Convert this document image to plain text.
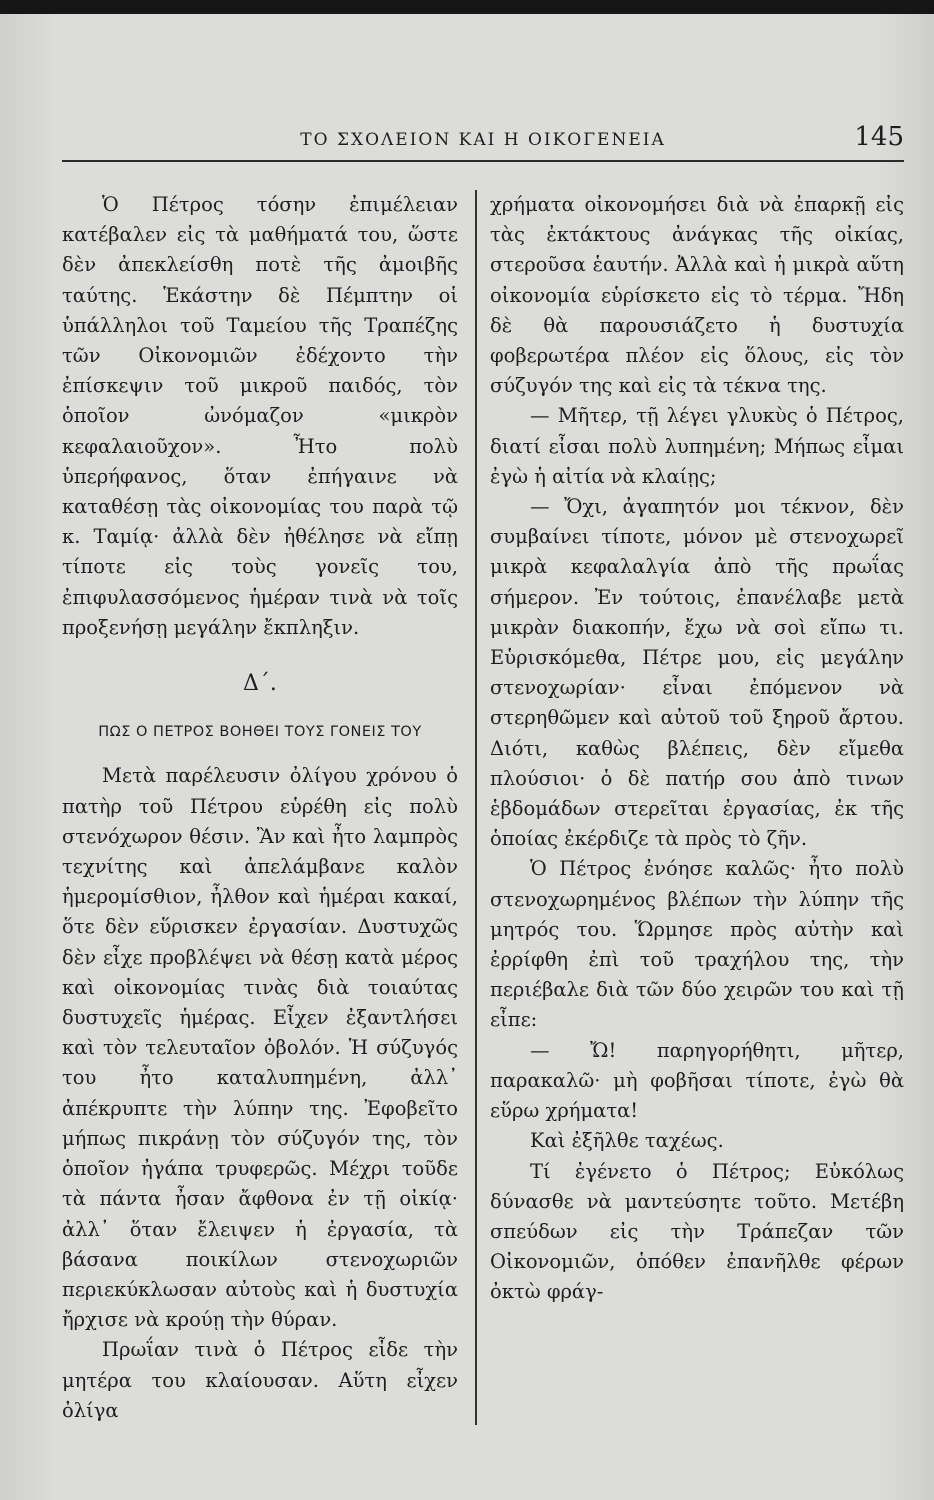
ΤΟ ΣΧΟΛΕΙΟΝ ΚΑΙ Η ΟΙΚΟΓΕΝΕΙΑ	145

Ὁ Πέτρος τόσην ἐπιμέλειαν κατέβαλεν εἰς τὰ μαθήματά του, ὥστε δὲν ἀπεκλείσθη ποτὲ τῆς ἀμοιβῆς ταύτης. Ἑκάστην δὲ Πέμπτην οἱ ὑπάλληλοι τοῦ Ταμείου τῆς Τραπέζης τῶν Οἰκονομιῶν ἐδέχοντο τὴν ἐπίσκεψιν τοῦ μικροῦ παιδός, τὸν ὁποῖον ὠνόμαζον «μικρὸν κεφαλαιοῦχον». Ἦτο πολὺ ὑπερήφανος, ὅταν ἐπήγαινε νὰ καταθέσῃ τὰς οἰκονομίας του παρὰ τῷ κ. Ταμίᾳ· ἀλλὰ δὲν ἠθέλησε νὰ εἴπῃ τίποτε εἰς τοὺς γονεῖς του, ἐπιφυλασσόμενος ἡμέραν τινὰ νὰ τοῖς προξενήσῃ μεγάλην ἔκπληξιν.

Δ΄.
ΠΩΣ Ο ΠΕΤΡΟΣ ΒΟΗΘΕΙ ΤΟΥΣ ΓΟΝΕΙΣ ΤΟΥ

Μετὰ παρέλευσιν ὀλίγου χρόνου ὁ πατὴρ τοῦ Πέτρου εὑρέθη εἰς πολὺ στενόχωρον θέσιν. Ἂν καὶ ἦτο λαμπρὸς τεχνίτης καὶ ἀπελάμβανε καλὸν ἡμερομίσθιον, ἦλθον καὶ ἡμέραι κακαί, ὅτε δὲν εὕρισκεν ἐργασίαν. Δυστυχῶς δὲν εἶχε προβλέψει νὰ θέσῃ κατὰ μέρος καὶ οἰκονομίας τινὰς διὰ τοιαύτας δυστυχεῖς ἡμέρας. Εἶχεν ἐξαντλήσει καὶ τὸν τελευταῖον ὀβολόν. Ἡ σύζυγός του ἦτο καταλυπημένη, ἀλλ᾽ ἀπέκρυπτε τὴν λύπην της. Ἐφοβεῖτο μήπως πικράνῃ τὸν σύζυγόν της, τὸν ὁποῖον ἠγάπα τρυφερῶς. Μέχρι τοῦδε τὰ πάντα ἦσαν ἄφθονα ἐν τῇ οἰκίᾳ· ἀλλ᾽ ὅταν ἔλειψεν ἡ ἐργασία, τὰ βάσανα ποικίλων στενοχωριῶν περιεκύκλωσαν αὐτοὺς καὶ ἡ δυστυχία ἤρχισε νὰ κρούῃ τὴν θύραν.

Πρωΐαν τινὰ ὁ Πέτρος εἶδε τὴν μητέρα του κλαίουσαν. Αὕτη εἶχεν ὀλίγα

χρήματα οἰκονομήσει διὰ νὰ ἐπαρκῇ εἰς τὰς ἐκτάκτους ἀνάγκας τῆς οἰκίας, στεροῦσα ἑαυτήν. Ἀλλὰ καὶ ἡ μικρὰ αὕτη οἰκονομία εὑρίσκετο εἰς τὸ τέρμα. Ἤδη δὲ θὰ παρουσιάζετο ἡ δυστυχία φοβερωτέρα πλέον εἰς ὅλους, εἰς τὸν σύζυγόν της καὶ εἰς τὰ τέκνα της.

— Μῆτερ, τῇ λέγει γλυκὺς ὁ Πέτρος, διατί εἶσαι πολὺ λυπημένη; Μήπως εἶμαι ἐγὼ ἡ αἰτία νὰ κλαίῃς;

— Ὄχι, ἀγαπητόν μοι τέκνον, δὲν συμβαίνει τίποτε, μόνον μὲ στενοχωρεῖ μικρὰ κεφαλαλγία ἀπὸ τῆς πρωΐας σήμερον. Ἐν τούτοις, ἐπανέλαβε μετὰ μικρὰν διακοπήν, ἔχω νὰ σοὶ εἴπω τι. Εὑρισκόμεθα, Πέτρε μου, εἰς μεγάλην στενοχωρίαν· εἶναι ἐπόμενον νὰ στερηθῶμεν καὶ αὐτοῦ τοῦ ξηροῦ ἄρτου. Διότι, καθὼς βλέπεις, δὲν εἴμεθα πλούσιοι· ὁ δὲ πατήρ σου ἀπὸ τινων ἑβδομάδων στερεῖται ἐργασίας, ἐκ τῆς ὁποίας ἐκέρδιζε τὰ πρὸς τὸ ζῆν.

Ὁ Πέτρος ἐνόησε καλῶς· ἦτο πολὺ στενοχωρημένος βλέπων τὴν λύπην τῆς μητρός του. Ὥρμησε πρὸς αὐτὴν καὶ ἐρρίφθη ἐπὶ τοῦ τραχήλου της, τὴν περιέβαλε διὰ τῶν δύο χειρῶν του καὶ τῇ εἶπε:

— Ὤ! παρηγορήθητι, μῆτερ, παρακαλῶ· μὴ φοβῆσαι τίποτε, ἐγὼ θὰ εὕρω χρήματα!

Καὶ ἐξῆλθε ταχέως.

Τί ἐγένετο ὁ Πέτρος; Εὐκόλως δύνασθε νὰ μαντεύσητε τοῦτο. Μετέβη σπεύδων εἰς τὴν Τράπεζαν τῶν Οἰκονομιῶν, ὁπόθεν ἐπανῆλθε φέρων ὀκτὼ φράγ-
